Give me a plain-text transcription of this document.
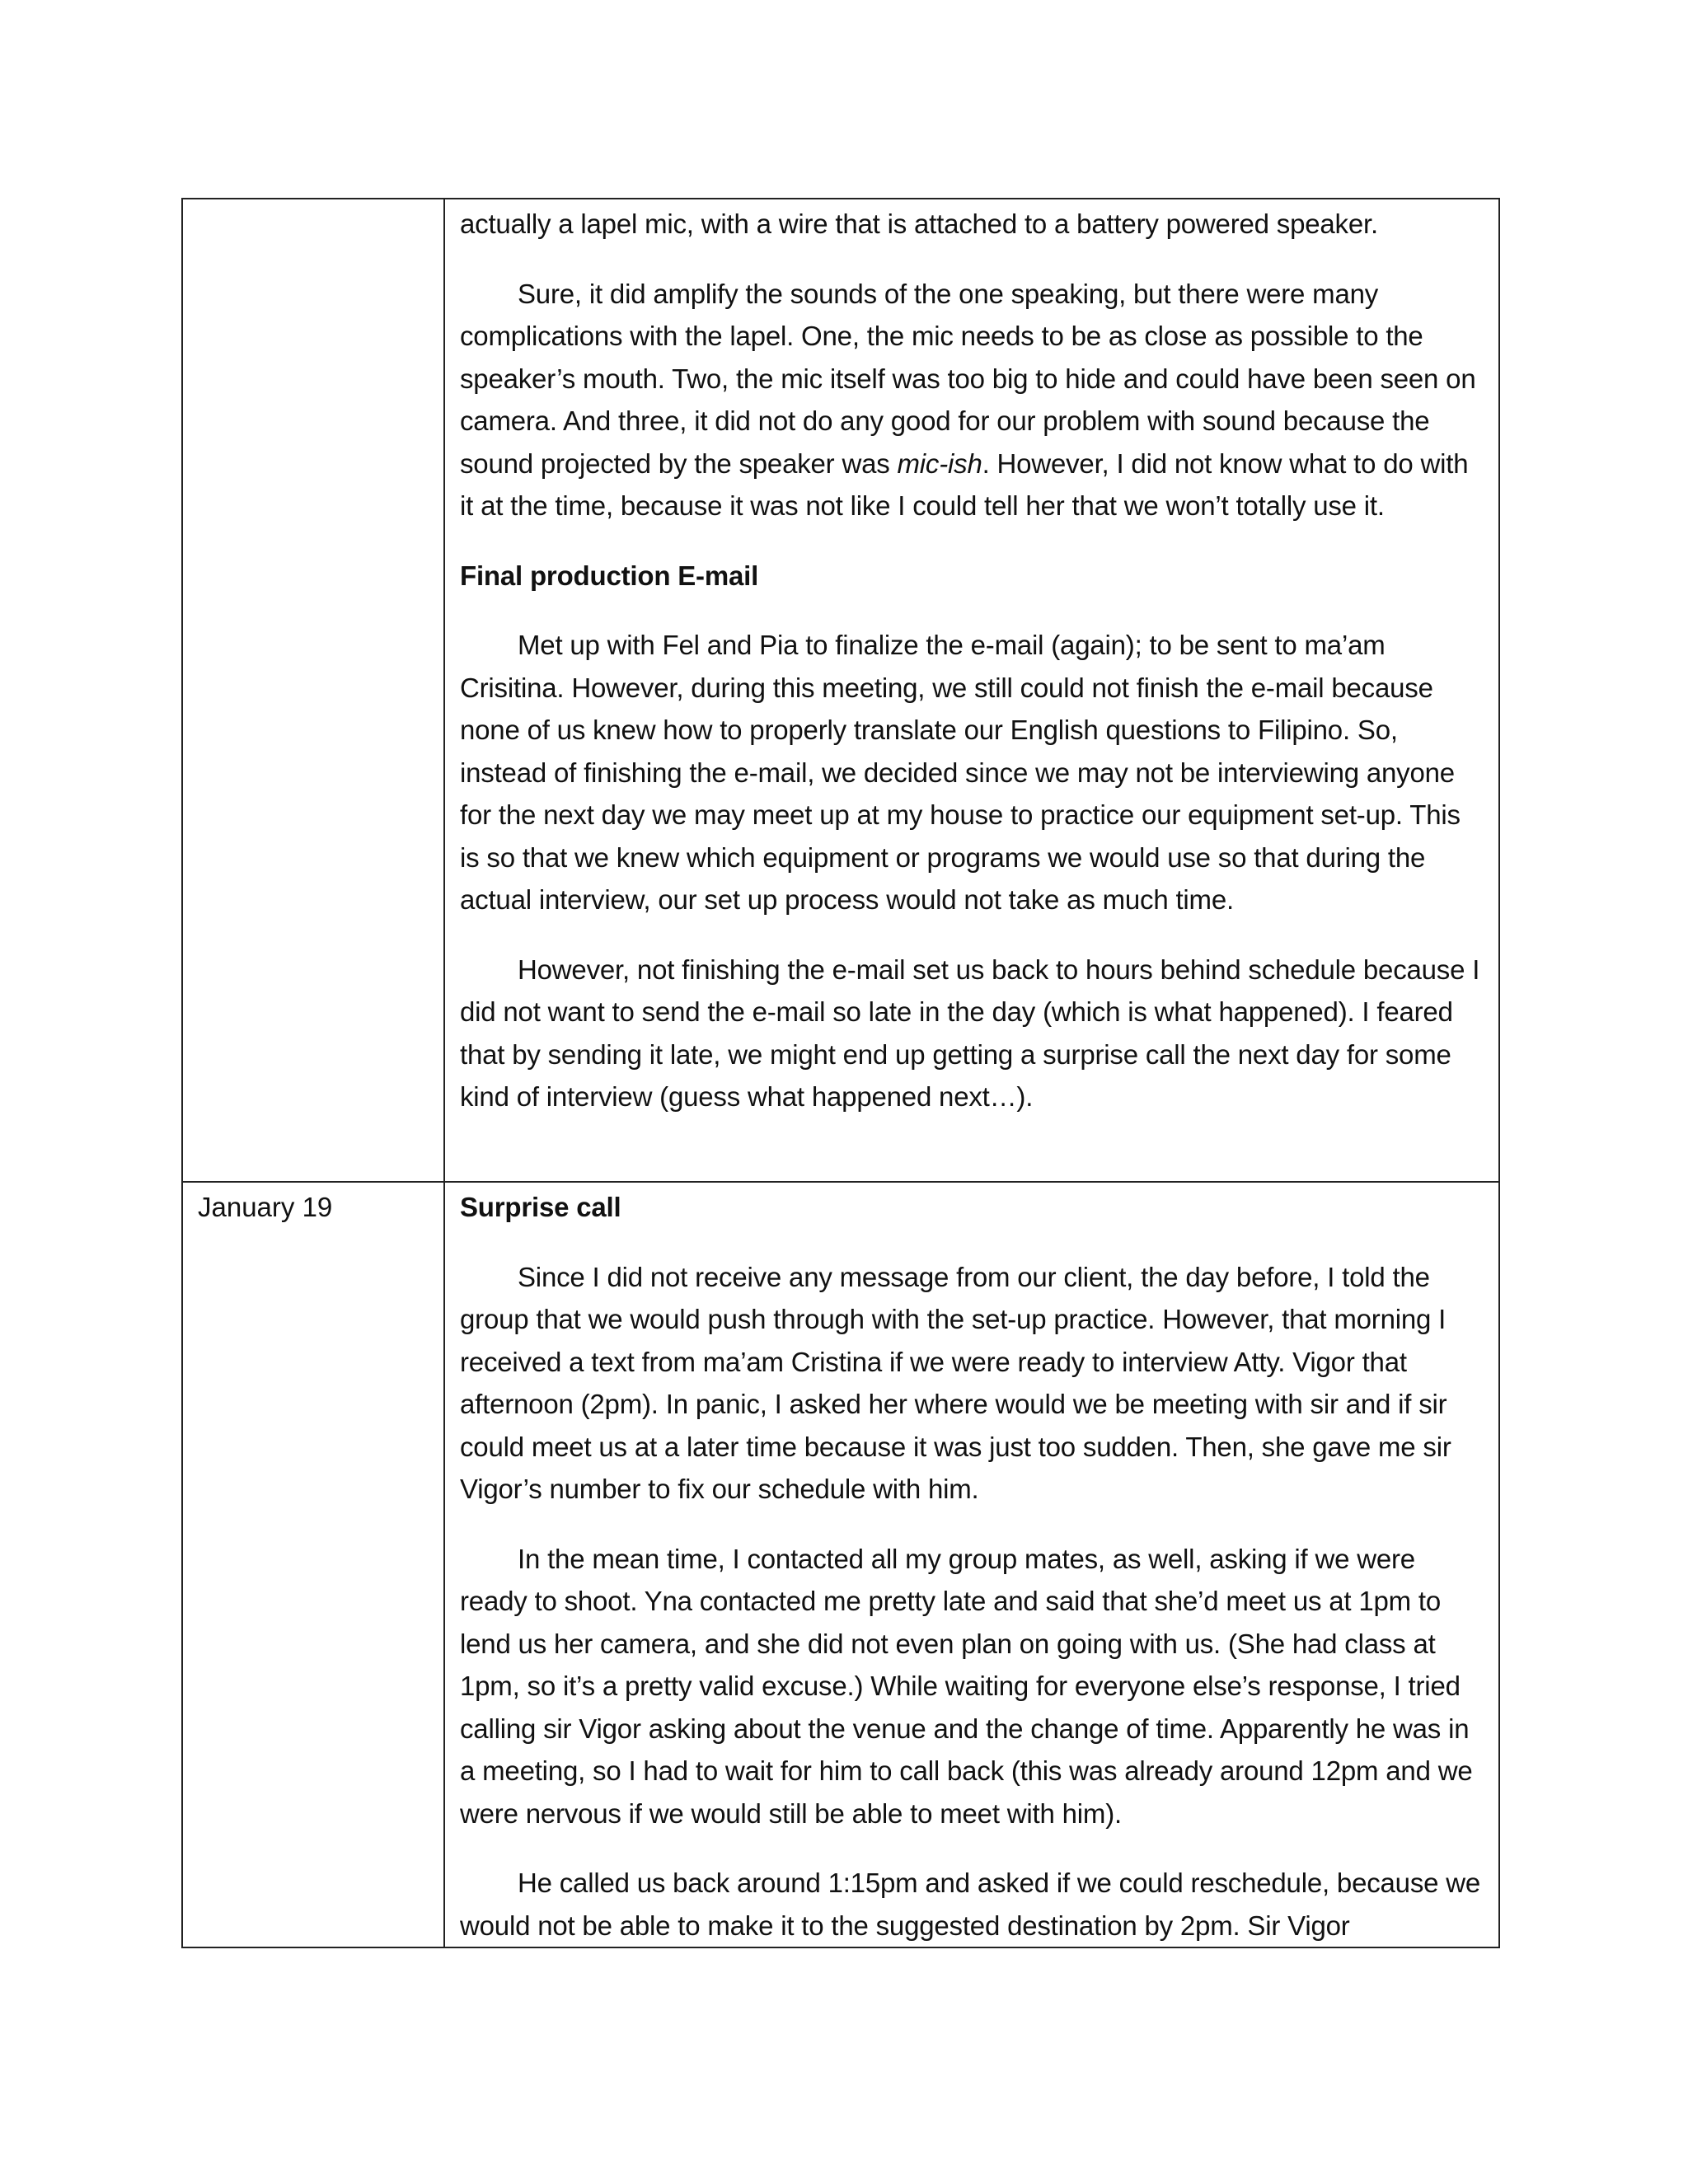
	actually a lapel mic, with a wire that is attached to a battery powered speaker.

Sure, it did amplify the sounds of the one speaking, but there were many complications with the lapel. One, the mic needs to be as close as possible to the speaker’s mouth. Two, the mic itself was too big to hide and could have been seen on camera. And three, it did not do any good for our problem with sound because the sound projected by the speaker was mic-ish. However, I did not know what to do with it at the time, because it was not like I could tell her that we won’t totally use it.

Final production E-mail

Met up with Fel and Pia to finalize the e-mail (again); to be sent to ma’am Crisitina. However, during this meeting, we still could not finish the e-mail because none of us knew how to properly translate our English questions to Filipino. So, instead of finishing the e-mail, we decided since we may not be interviewing anyone for the next day we may meet up at my house to practice our equipment set-up. This is so that we knew which equipment or programs we would use so that during the actual interview, our set up process would not take as much time.

However, not finishing the e-mail set us back to hours behind schedule because I did not want to send the e-mail so late in the day (which is what happened). I feared that by sending it late, we might end up getting a surprise call the next day for some kind of interview (guess what happened next…).

January 19	Surprise call

Since I did not receive any message from our client, the day before, I told the group that we would push through with the set-up practice. However, that morning I received a text from ma’am Cristina if we were ready to interview Atty. Vigor that afternoon (2pm). In panic, I asked her where would we be meeting with sir and if sir could meet us at a later time because it was just too sudden. Then, she gave me sir Vigor’s number to fix our schedule with him.

In the mean time, I contacted all my group mates, as well, asking if we were ready to shoot. Yna contacted me pretty late and said that she’d meet us at 1pm to lend us her camera, and she did not even plan on going with us. (She had class at 1pm, so it’s a pretty valid excuse.) While waiting for everyone else’s response, I tried calling sir Vigor asking about the venue and the change of time. Apparently he was in a meeting, so I had to wait for him to call back (this was already around 12pm and we were nervous if we would still be able to meet with him).

He called us back around 1:15pm and asked if we could reschedule, because we would not be able to make it to the suggested destination by 2pm. Sir Vigor
